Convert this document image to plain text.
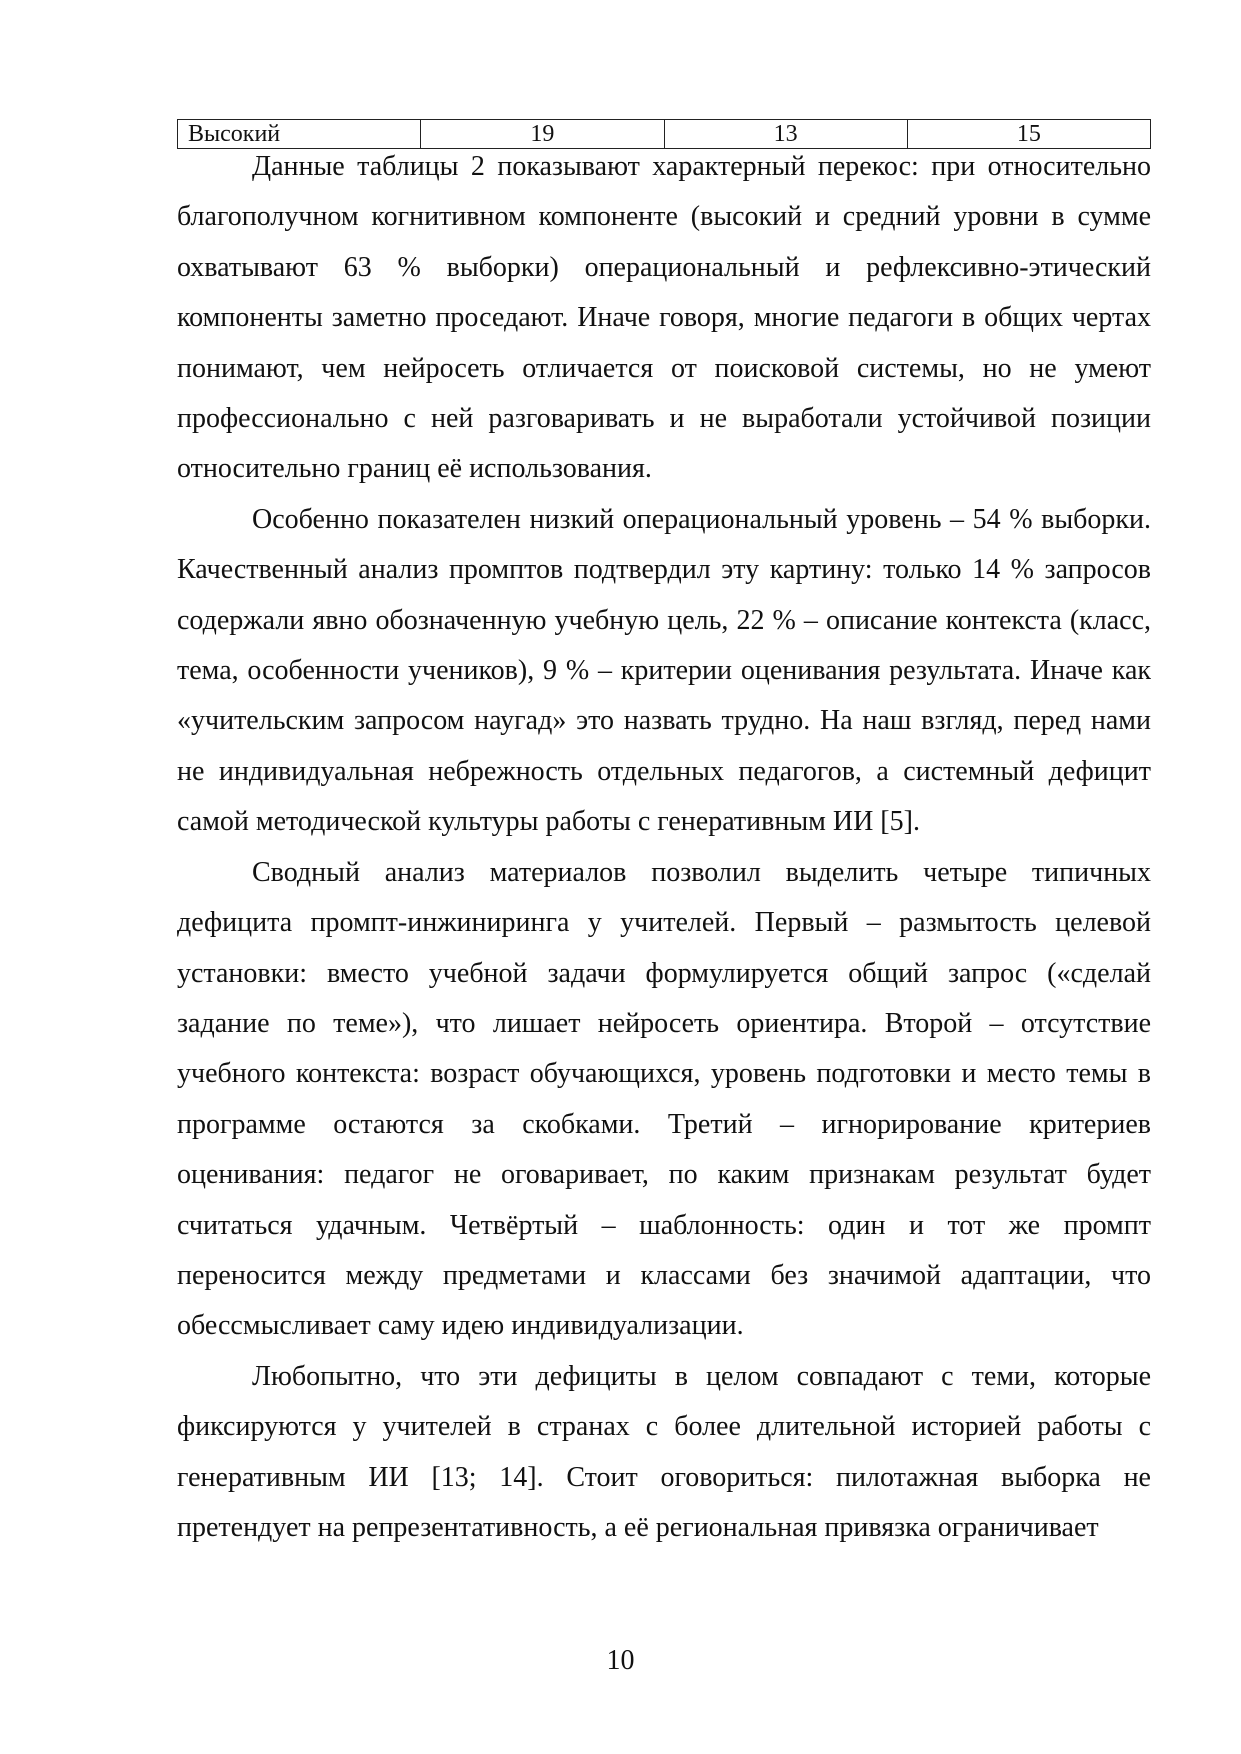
Высокий	19	13	15

Данные таблицы 2 показывают характерный перекос: при относительно благополучном когнитивном компоненте (высокий и средний уровни в сумме охватывают 63 % выборки) операциональный и рефлексивно-этический компоненты заметно проседают. Иначе говоря, многие педагоги в общих чертах понимают, чем нейросеть отличается от поисковой системы, но не умеют профессионально с ней разговаривать и не выработали устойчивой позиции относительно границ её использования.

Особенно показателен низкий операциональный уровень – 54 % выборки. Качественный анализ промптов подтвердил эту картину: только 14 % запросов содержали явно обозначенную учебную цель, 22 % – описание контекста (класс, тема, особенности учеников), 9 % – критерии оценивания результата. Иначе как «учительским запросом наугад» это назвать трудно. На наш взгляд, перед нами не индивидуальная небрежность отдельных педагогов, а системный дефицит самой методической культуры работы с генеративным ИИ [5].

Сводный анализ материалов позволил выделить четыре типичных дефицита промпт-инжиниринга у учителей. Первый – размытость целевой установки: вместо учебной задачи формулируется общий запрос («сделай задание по теме»), что лишает нейросеть ориентира. Второй – отсутствие учебного контекста: возраст обучающихся, уровень подготовки и место темы в программе остаются за скобками. Третий – игнорирование критериев оценивания: педагог не оговаривает, по каким признакам результат будет считаться удачным. Четвёртый – шаблонность: один и тот же промпт переносится между предметами и классами без значимой адаптации, что обессмысливает саму идею индивидуализации.

Любопытно, что эти дефициты в целом совпадают с теми, которые фиксируются у учителей в странах с более длительной историей работы с генеративным ИИ [13; 14]. Стоит оговориться: пилотажная выборка не претендует на репрезентативность, а её региональная привязка ограничивает

10
